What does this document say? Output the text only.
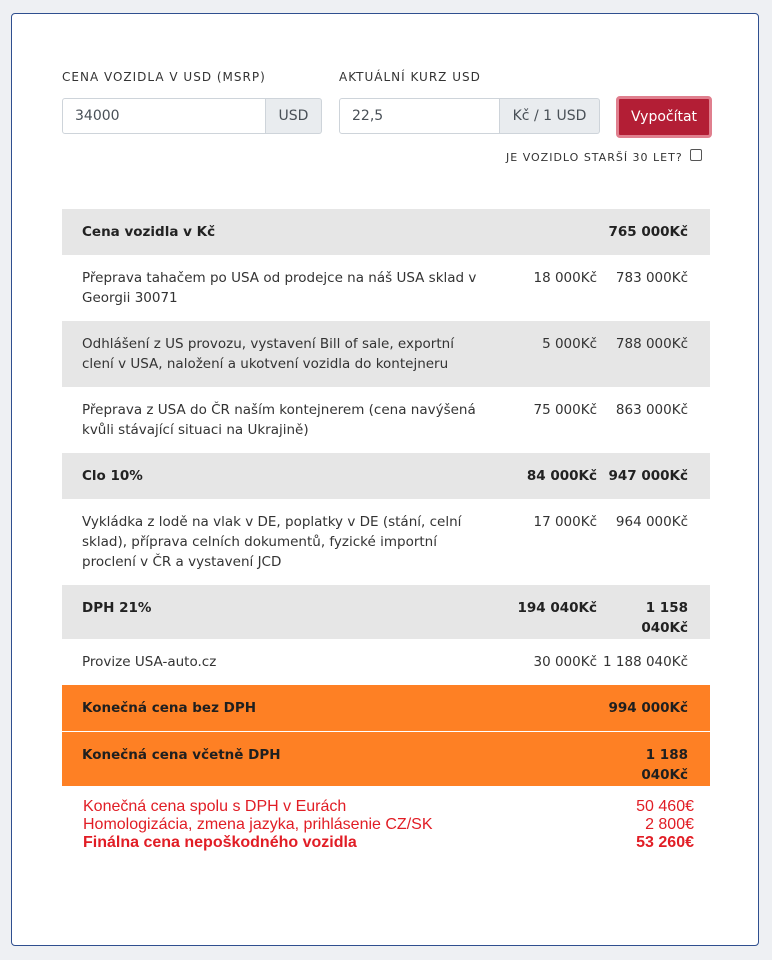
CENA VOZIDLA V USD (MSRP)
34000	USD
AKTUÁLNÍ KURZ USD
22,5	Kč / 1 USD	Vypočítat
JE VOZIDLO STARŠÍ 30 LET?
Cena vozidla v Kč		765 000Kč
Přeprava tahačem po USA od prodejce na náš USA sklad v Georgii 30071	18 000Kč	783 000Kč
Odhlášení z US provozu, vystavení Bill of sale, exportní clení v USA, naložení a ukotvení vozidla do kontejneru	5 000Kč	788 000Kč
Přeprava z USA do ČR naším kontejnerem (cena navýšená kvůli stávající situaci na Ukrajině)	75 000Kč	863 000Kč
Clo 10%	84 000Kč	947 000Kč
Vykládka z lodě na vlak v DE, poplatky v DE (stání, celní sklad), příprava celních dokumentů, fyzické importní proclení v ČR a vystavení JCD	17 000Kč	964 000Kč
DPH 21%	194 040Kč	1 158 040Kč
Provize USA-auto.cz	30 000Kč	1 188 040Kč
Konečná cena bez DPH		994 000Kč
Konečná cena včetně DPH		1 188 040Kč
Konečná cena spolu s DPH v Eurách	50 460€
Homologizácia, zmena jazyka, prihlásenie CZ/SK	2 800€
Finálna cena nepoškodného vozidla	53 260€
